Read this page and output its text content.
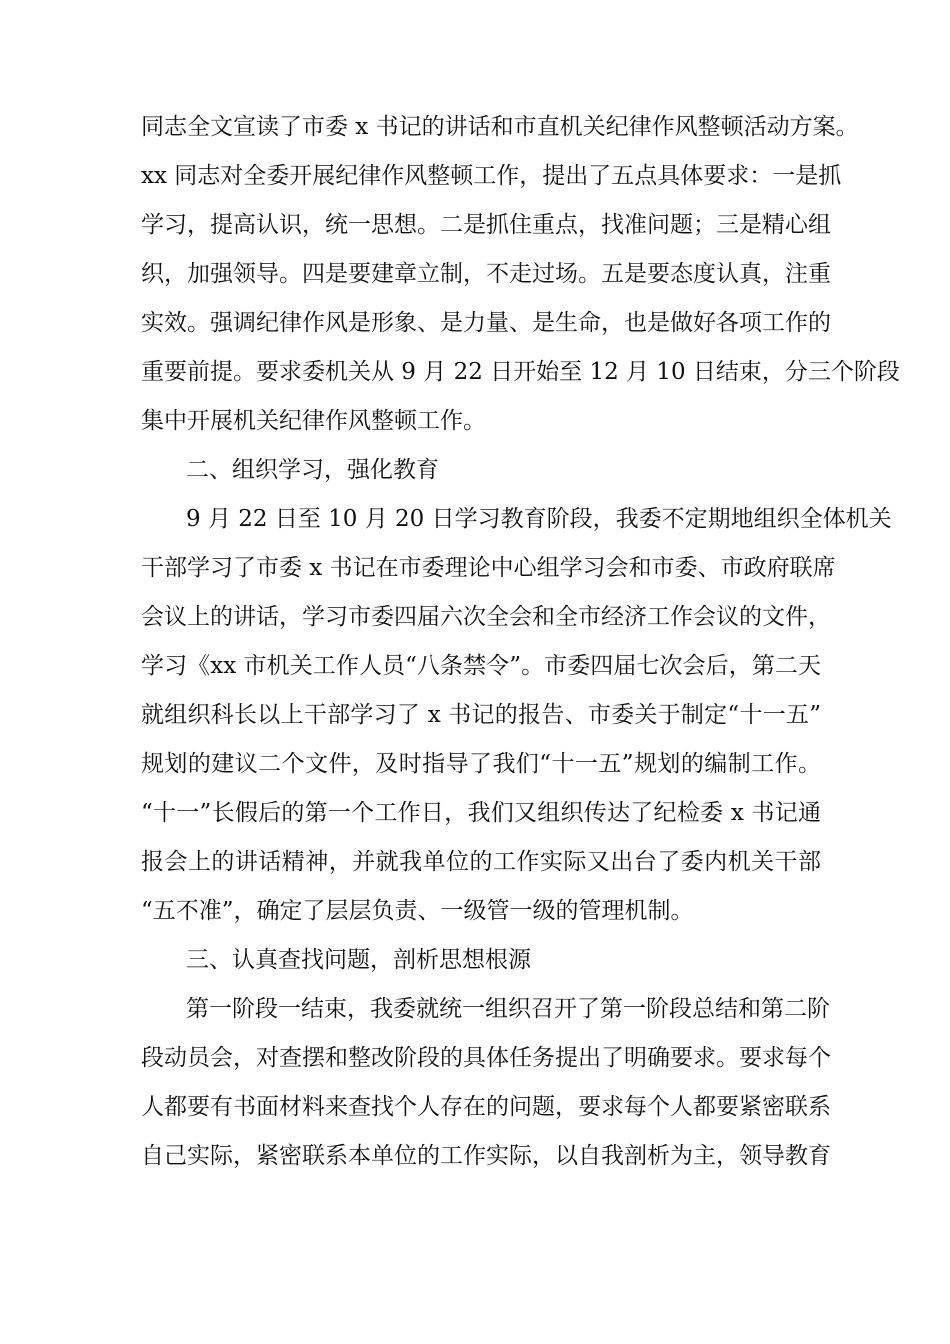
同志全文宣读了市委 x 书记的讲话和市直机关纪律作风整顿活动方案。
xx 同志对全委开展纪律作风整顿工作，提出了五点具体要求：一是抓
学习，提高认识，统一思想。二是抓住重点，找准问题；三是精心组
织，加强领导。四是要建章立制，不走过场。五是要态度认真，注重
实效。强调纪律作风是形象、是力量、是生命，也是做好各项工作的
重要前提。要求委机关从 9 月 22 日开始至 12 月 10 日结束，分三个阶段
集中开展机关纪律作风整顿工作。
二、组织学习，强化教育
9 月 22 日至 10 月 20 日学习教育阶段，我委不定期地组织全体机关
干部学习了市委 x 书记在市委理论中心组学习会和市委、市政府联席
会议上的讲话，学习市委四届六次全会和全市经济工作会议的文件，
学习《xx 市机关工作人员“八条禁令”。市委四届七次会后，第二天
就组织科长以上干部学习了 x 书记的报告、市委关于制定“十一五”
规划的建议二个文件，及时指导了我们“十一五”规划的编制工作。
“十一”长假后的第一个工作日，我们又组织传达了纪检委 x 书记通
报会上的讲话精神，并就我单位的工作实际又出台了委内机关干部
“五不准”，确定了层层负责、一级管一级的管理机制。
三、认真查找问题，剖析思想根源
第一阶段一结束，我委就统一组织召开了第一阶段总结和第二阶
段动员会，对查摆和整改阶段的具体任务提出了明确要求。要求每个
人都要有书面材料来查找个人存在的问题，要求每个人都要紧密联系
自己实际，紧密联系本单位的工作实际，以自我剖析为主，领导教育
